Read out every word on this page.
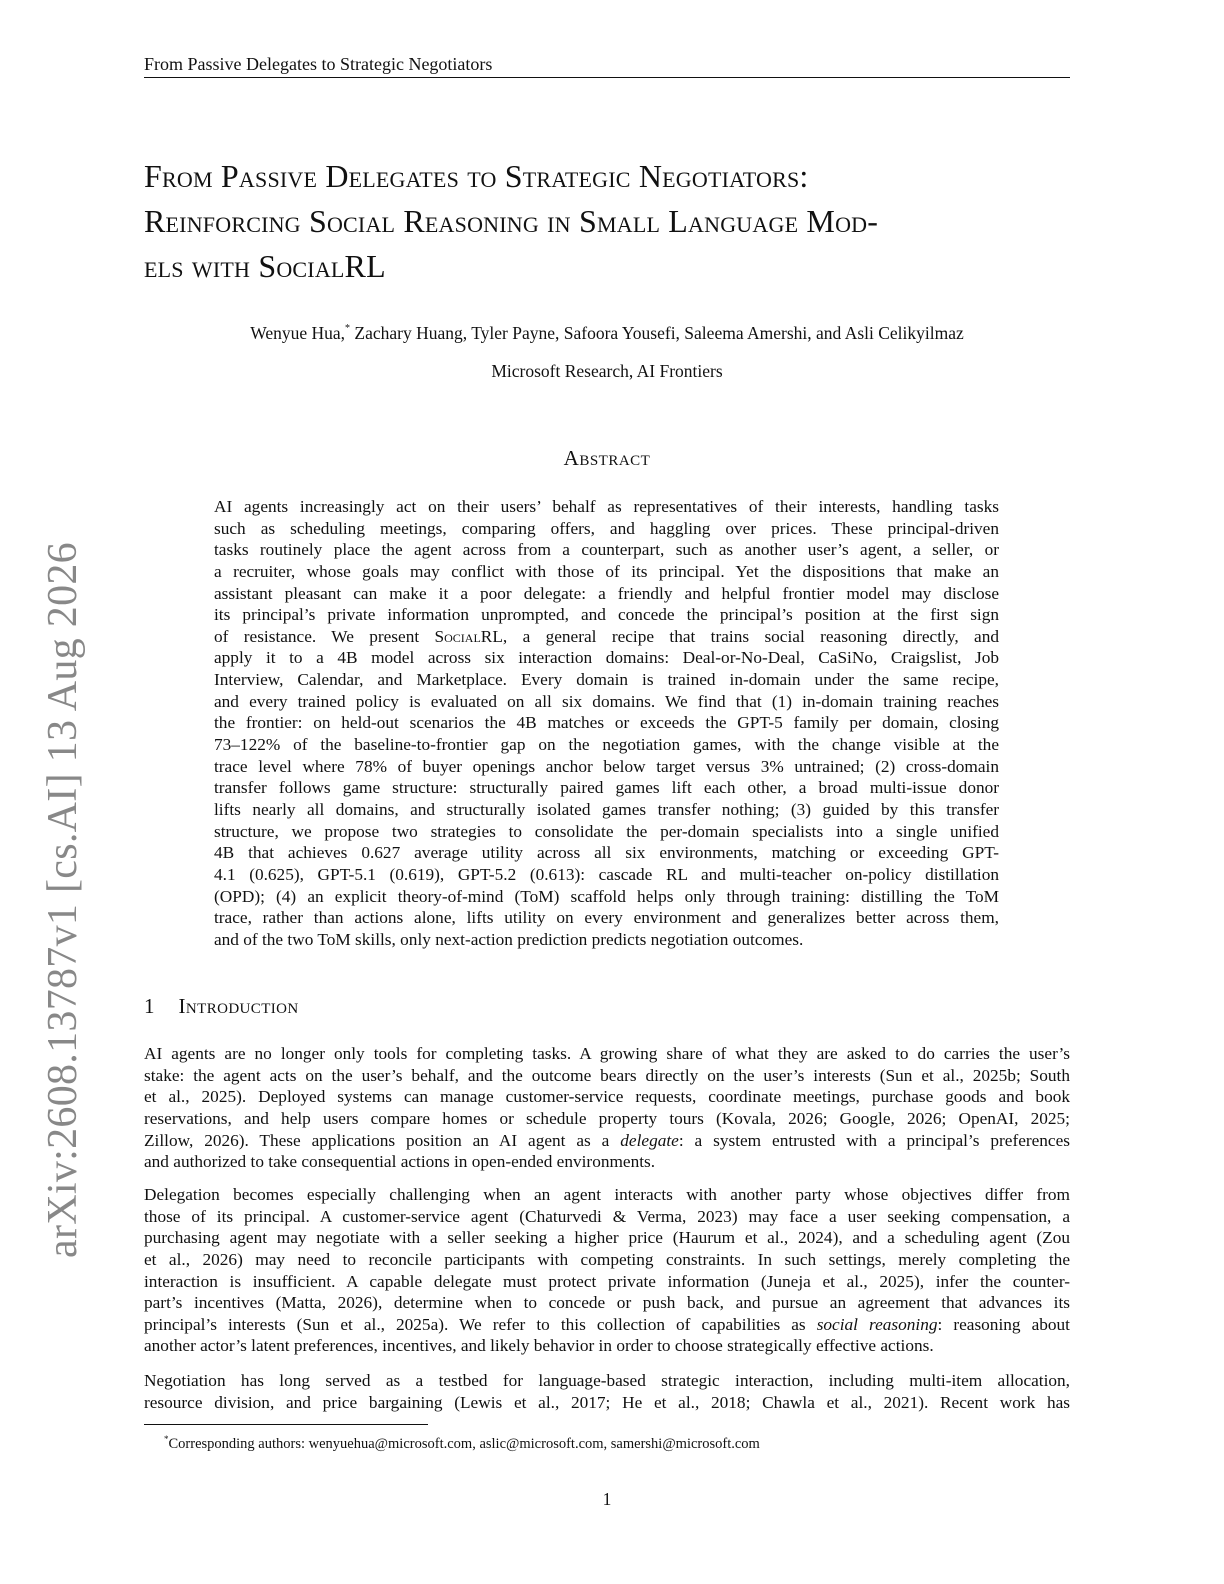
arXiv:2608.13787v1 [cs.AI] 13 Aug 2026
From Passive Delegates to Strategic Negotiators
From Passive Delegates to Strategic Negotiators:
Reinforcing Social Reasoning in Small Language Mod-
els with SocialRL
Wenyue Hua,* Zachary Huang, Tyler Payne, Safoora Yousefi, Saleema Amershi, and Asli Celikyilmaz
Microsoft Research, AI Frontiers
Abstract
AI agents increasingly act on their users’ behalf as representatives of their interests, handling tasks
such as scheduling meetings, comparing offers, and haggling over prices. These principal-driven
tasks routinely place the agent across from a counterpart, such as another user’s agent, a seller, or
a recruiter, whose goals may conflict with those of its principal. Yet the dispositions that make an
assistant pleasant can make it a poor delegate: a friendly and helpful frontier model may disclose
its principal’s private information unprompted, and concede the principal’s position at the first sign
of resistance. We present SocialRL, a general recipe that trains social reasoning directly, and
apply it to a 4B model across six interaction domains: Deal-or-No-Deal, CaSiNo, Craigslist, Job
Interview, Calendar, and Marketplace. Every domain is trained in-domain under the same recipe,
and every trained policy is evaluated on all six domains. We find that (1) in-domain training reaches
the frontier: on held-out scenarios the 4B matches or exceeds the GPT-5 family per domain, closing
73–122% of the baseline-to-frontier gap on the negotiation games, with the change visible at the
trace level where 78% of buyer openings anchor below target versus 3% untrained; (2) cross-domain
transfer follows game structure: structurally paired games lift each other, a broad multi-issue donor
lifts nearly all domains, and structurally isolated games transfer nothing; (3) guided by this transfer
structure, we propose two strategies to consolidate the per-domain specialists into a single unified
4B that achieves 0.627 average utility across all six environments, matching or exceeding GPT-
4.1 (0.625), GPT-5.1 (0.619), GPT-5.2 (0.613): cascade RL and multi-teacher on-policy distillation
(OPD); (4) an explicit theory-of-mind (ToM) scaffold helps only through training: distilling the ToM
trace, rather than actions alone, lifts utility on every environment and generalizes better across them,
and of the two ToM skills, only next-action prediction predicts negotiation outcomes.
1 Introduction
AI agents are no longer only tools for completing tasks. A growing share of what they are asked to do carries the user’s
stake: the agent acts on the user’s behalf, and the outcome bears directly on the user’s interests (Sun et al., 2025b; South
et al., 2025). Deployed systems can manage customer-service requests, coordinate meetings, purchase goods and book
reservations, and help users compare homes or schedule property tours (Kovala, 2026; Google, 2026; OpenAI, 2025;
Zillow, 2026). These applications position an AI agent as a delegate: a system entrusted with a principal’s preferences
and authorized to take consequential actions in open-ended environments.
Delegation becomes especially challenging when an agent interacts with another party whose objectives differ from
those of its principal. A customer-service agent (Chaturvedi & Verma, 2023) may face a user seeking compensation, a
purchasing agent may negotiate with a seller seeking a higher price (Haurum et al., 2024), and a scheduling agent (Zou
et al., 2026) may need to reconcile participants with competing constraints. In such settings, merely completing the
interaction is insufficient. A capable delegate must protect private information (Juneja et al., 2025), infer the counter-
part’s incentives (Matta, 2026), determine when to concede or push back, and pursue an agreement that advances its
principal’s interests (Sun et al., 2025a). We refer to this collection of capabilities as social reasoning: reasoning about
another actor’s latent preferences, incentives, and likely behavior in order to choose strategically effective actions.
Negotiation has long served as a testbed for language-based strategic interaction, including multi-item allocation,
resource division, and price bargaining (Lewis et al., 2017; He et al., 2018; Chawla et al., 2021). Recent work has
*Corresponding authors: wenyuehua@microsoft.com, aslic@microsoft.com, samershi@microsoft.com
1
